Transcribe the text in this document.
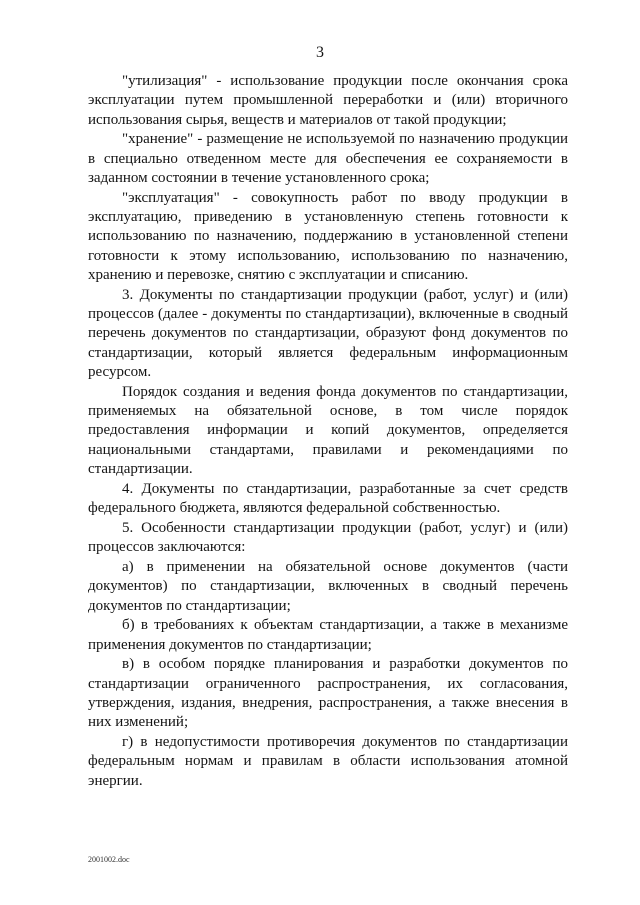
3

"утилизация" - использование продукции после окончания срока эксплуатации путем промышленной переработки и (или) вторичного использования сырья, веществ и материалов от такой продукции;

"хранение" - размещение не используемой по назначению продукции в специально отведенном месте для обеспечения ее сохраняемости в заданном состоянии в течение установленного срока;

"эксплуатация" - совокупность работ по вводу продукции в эксплуатацию, приведению в установленную степень готовности к использованию по назначению, поддержанию в установленной степени готовности к этому использованию, использованию по назначению, хранению и перевозке, снятию с эксплуатации и списанию.

3. Документы по стандартизации продукции (работ, услуг) и (или) процессов (далее - документы по стандартизации), включенные в сводный перечень документов по стандартизации, образуют фонд документов по стандартизации, который является федеральным информационным ресурсом.

Порядок создания и ведения фонда документов по стандартизации, применяемых на обязательной основе, в том числе порядок предоставления информации и копий документов, определяется национальными стандартами, правилами и рекомендациями по стандартизации.

4. Документы по стандартизации, разработанные за счет средств федерального бюджета, являются федеральной собственностью.

5. Особенности стандартизации продукции (работ, услуг) и (или) процессов заключаются:

а) в применении на обязательной основе документов (части документов) по стандартизации, включенных в сводный перечень документов по стандартизации;

б) в требованиях к объектам стандартизации, а также в механизме применения документов по стандартизации;

в) в особом порядке планирования и разработки документов по стандартизации ограниченного распространения, их согласования, утверждения, издания, внедрения, распространения, а также внесения в них изменений;

г) в недопустимости противоречия документов по стандартизации федеральным нормам и правилам в области использования атомной энергии.

2001002.doc
